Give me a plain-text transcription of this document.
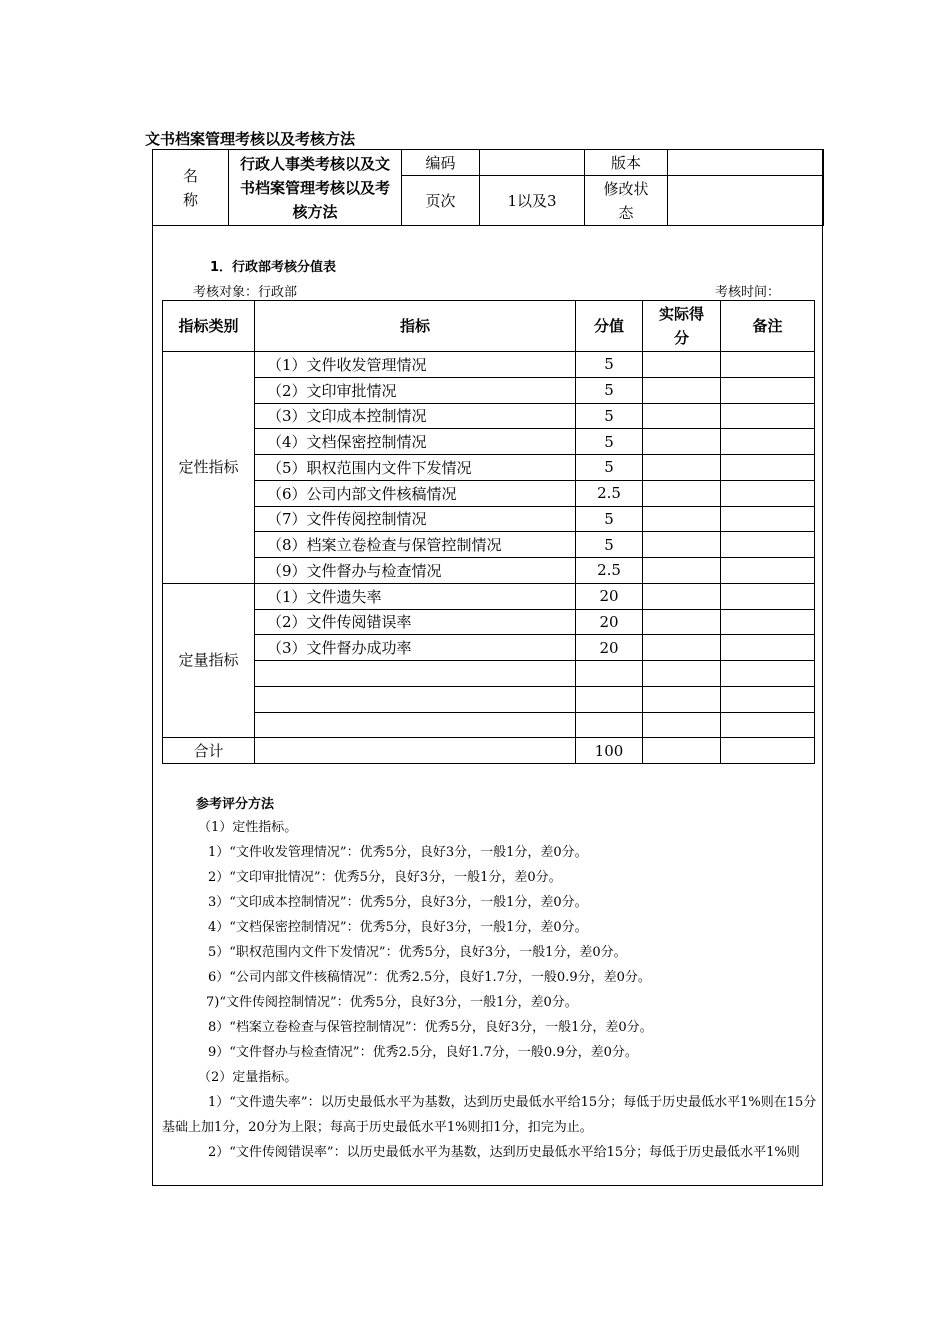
文书档案管理考核以及考核方法
名
称	行政人事类考核以及文书档案管理考核以及考核方法	编码		版本	
		页次	1以及3	修改状态	
1．行政部考核分值表
考核对象：行政部	考核时间：
指标类别	指标	分值	实际得分	备注
定性指标	（1）文件收发管理情况	5		
	（2）文印审批情况	5		
	（3）文印成本控制情况	5		
	（4）文档保密控制情况	5		
	（5）职权范围内文件下发情况	5		
	（6）公司内部文件核稿情况	2.5		
	（7）文件传阅控制情况	5		
	（8）档案立卷检查与保管控制情况	5		
	（9）文件督办与检查情况	2.5		
定量指标	（1）文件遗失率	20		
	（2）文件传阅错误率	20		
	（3）文件督办成功率	20		

合计		100		
参考评分方法

（1）定性指标。

1）“文件收发管理情况”：优秀5分，良好3分，一般1分，差0分。

2）“文印审批情况”：优秀5分，良好3分，一般1分，差0分。

3）“文印成本控制情况”：优秀5分，良好3分，一般1分，差0分。

4）“文档保密控制情况”：优秀5分，良好3分，一般1分，差0分。

5）“职权范围内文件下发情况”：优秀5分，良好3分，一般1分，差0分。

6）“公司内部文件核稿情况”：优秀2.5分，良好1.7分，一般0.9分，差0分。

7)“文件传阅控制情况”：优秀5分，良好3分，一般1分，差0分。

8）“档案立卷检查与保管控制情况”：优秀5分，良好3分，一般1分，差0分。

9）“文件督办与检查情况”：优秀2.5分，良好1.7分，一般0.9分，差0分。

（2）定量指标。

1）“文件遗失率”：以历史最低水平为基数，达到历史最低水平给15分；每低于历史最低水平1%则在15分基础上加1分，20分为上限；每高于历史最低水平1%则扣1分，扣完为止。

2）“文件传阅错误率”：以历史最低水平为基数，达到历史最低水平给15分；每低于历史最低水平1%则
